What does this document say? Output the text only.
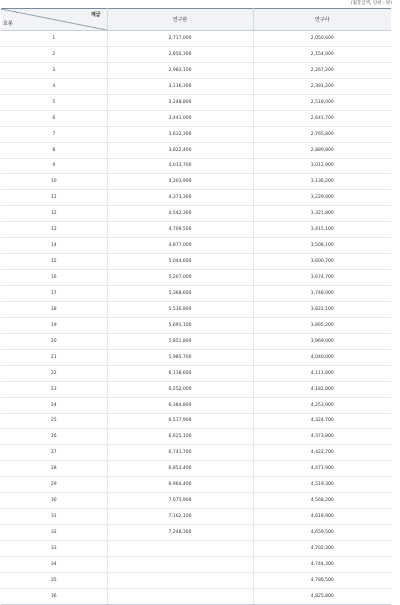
(월봉급액, 단위 : 원)
계급
호봉	연구관	연구사
1	2,717,000	2,050,600
2	2,850,300	2,154,000
3	2,983,100	2,267,200
4	3,116,300	2,391,200
5	3,248,800	2,518,000
6	3,441,000	2,641,700
7	3,632,300	2,765,800
8	3,822,400	2,889,800
9	4,013,700	3,012,900
10	4,203,900	3,136,200
11	4,373,300	3,229,000
12	4,542,300	3,321,800
13	4,709,500	3,415,100
14	4,877,000	3,508,100
15	5,044,600	3,600,700
16	5,207,000	3,674,700
17	5,368,600	3,748,000
18	5,530,800	3,822,100
19	5,691,100	3,895,200
20	5,851,800	3,969,000
21	5,985,700	4,040,000
22	6,118,600	4,111,600
23	6,252,000	4,182,800
24	6,384,800	4,253,900
25	6,517,900	4,324,700
26	6,625,100	4,373,800
27	6,741,700	4,422,700
28	6,853,400	4,471,900
29	6,964,400	4,519,300
30	7,075,900	4,568,200
31	7,162,100	4,618,900
32	7,248,300	4,659,500
33		4,702,300
34		4,744,300
35		4,786,500
36		4,825,800
